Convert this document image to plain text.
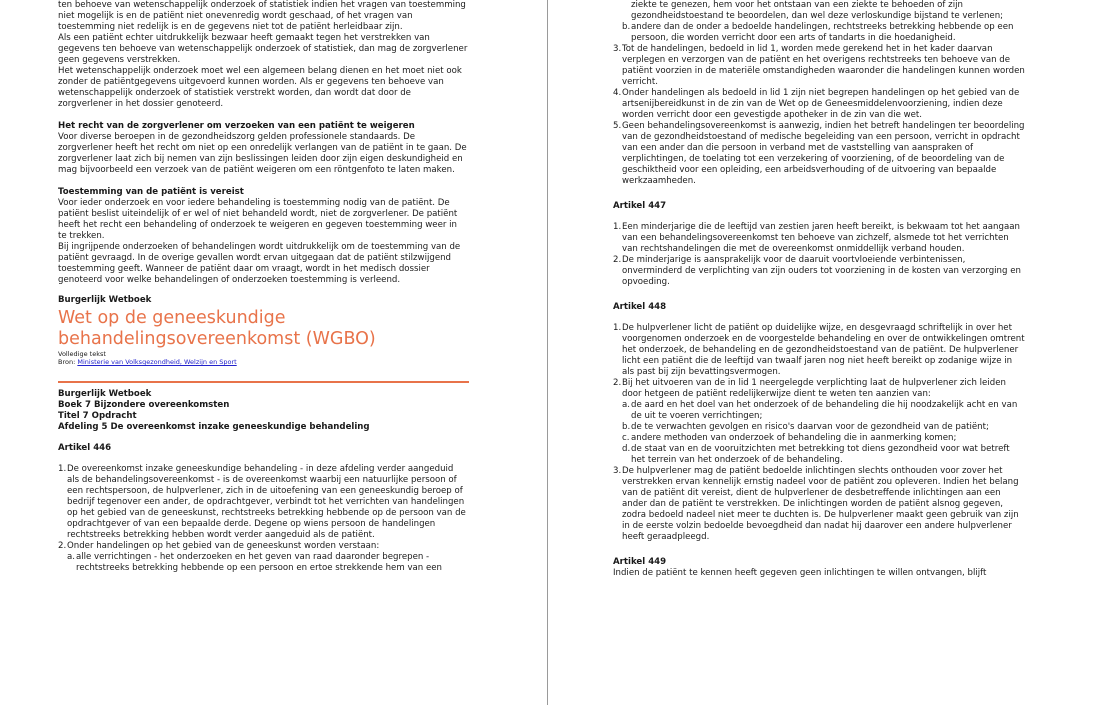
ten behoeve van wetenschappelijk onderzoek of statistiek indien het vragen van toestemming niet mogelijk is en de patiënt niet onevenredig wordt geschaad, of het vragen van toestemming niet redelijk is en de gegevens niet tot de patiënt herleidbaar zijn.

Als een patiënt echter uitdrukkelijk bezwaar heeft gemaakt tegen het verstrekken van gegevens ten behoeve van wetenschappelijk onderzoek of statistiek, dan mag de zorgverlener geen gegevens verstrekken.

Het wetenschappelijk onderzoek moet wel een algemeen belang dienen en het moet niet ook zonder de patiëntgegevens uitgevoerd kunnen worden. Als er gegevens ten behoeve van wetenschappelijk onderzoek of statistiek verstrekt worden, dan wordt dat door de zorgverlener in het dossier genoteerd.

Het recht van de zorgverlener om verzoeken van een patiënt te weigeren

Voor diverse beroepen in de gezondheidszorg gelden professionele standaards. De zorgverlener heeft het recht om niet op een onredelijk verlangen van de patiënt in te gaan. De zorgverlener laat zich bij nemen van zijn beslissingen leiden door zijn eigen deskundigheid en mag bijvoorbeeld een verzoek van de patiënt weigeren om een röntgenfoto te laten maken.

Toestemming van de patiënt is vereist

Voor ieder onderzoek en voor iedere behandeling is toestemming nodig van de patiënt. De patiënt beslist uiteindelijk of er wel of niet behandeld wordt, niet de zorgverlener. De patiënt heeft het recht een behandeling of onderzoek te weigeren en gegeven toestemming weer in te trekken.

Bij ingrijpende onderzoeken of behandelingen wordt uitdrukkelijk om de toestemming van de patiënt gevraagd. In de overige gevallen wordt ervan uitgegaan dat de patiënt stilzwijgend toestemming geeft. Wanneer de patiënt daar om vraagt, wordt in het medisch dossier genoteerd voor welke behandelingen of onderzoeken toestemming is verleend.

Burgerlijk Wetboek

Wet op de geneeskundige behandelingsovereenkomst (WGBO)
Volledige tekst
Bron: Ministerie van Volksgezondheid, Welzijn en Sport

Burgerlijk Wetboek

Boek 7 Bijzondere overeenkomsten

Titel 7 Opdracht

Afdeling 5 De overeenkomst inzake geneeskundige behandeling

Artikel 446

1. De overeenkomst inzake geneeskundige behandeling - in deze afdeling verder aangeduid als de behandelingsovereenkomst - is de overeenkomst waarbij een natuurlijke persoon of een rechtspersoon, de hulpverlener, zich in de uitoefening van een geneeskundig beroep of bedrijf tegenover een ander, de opdrachtgever, verbindt tot het verrichten van handelingen op het gebied van de geneeskunst, rechtstreeks betrekking hebbende op de persoon van de opdrachtgever of van een bepaalde derde. Degene op wiens persoon de handelingen rechtstreeks betrekking hebben wordt verder aangeduid als de patiënt.
2. Onder handelingen op het gebied van de geneeskunst worden verstaan:
a. alle verrichtingen - het onderzoeken en het geven van raad daaronder begrepen - rechtstreeks betrekking hebbende op een persoon en ertoe strekkende hem van een
ziekte te genezen, hem voor het ontstaan van een ziekte te behoeden of zijn gezondheidstoestand te beoordelen, dan wel deze verloskundige bijstand te verlenen;
b. andere dan de onder a bedoelde handelingen, rechtstreeks betrekking hebbende op een persoon, die worden verricht door een arts of tandarts in die hoedanigheid.
3. Tot de handelingen, bedoeld in lid 1, worden mede gerekend het in het kader daarvan verplegen en verzorgen van de patiënt en het overigens rechtstreeks ten behoeve van de patiënt voorzien in de materiële omstandigheden waaronder die handelingen kunnen worden verricht.
4. Onder handelingen als bedoeld in lid 1 zijn niet begrepen handelingen op het gebied van de artsenijbereidkunst in de zin van de Wet op de Geneesmiddelenvoorziening, indien deze worden verricht door een gevestigde apotheker in de zin van die wet.
5. Geen behandelingsovereenkomst is aanwezig, indien het betreft handelingen ter beoordeling van de gezondheidstoestand of medische begeleiding van een persoon, verricht in opdracht van een ander dan die persoon in verband met de vaststelling van aanspraken of verplichtingen, de toelating tot een verzekering of voorziening, of de beoordeling van de geschiktheid voor een opleiding, een arbeidsverhouding of de uitvoering van bepaalde werkzaamheden.

Artikel 447

1. Een minderjarige die de leeftijd van zestien jaren heeft bereikt, is bekwaam tot het aangaan van een behandelingsovereenkomst ten behoeve van zichzelf, alsmede tot het verrichten van rechtshandelingen die met de overeenkomst onmiddellijk verband houden.
2. De minderjarige is aansprakelijk voor de daaruit voortvloeiende verbintenissen, onverminderd de verplichting van zijn ouders tot voorziening in de kosten van verzorging en opvoeding.

Artikel 448

1. De hulpverlener licht de patiënt op duidelijke wijze, en desgevraagd schriftelijk in over het voorgenomen onderzoek en de voorgestelde behandeling en over de ontwikkelingen omtrent het onderzoek, de behandeling en de gezondheidstoestand van de patiënt. De hulpverlener licht een patiënt die de leeftijd van twaalf jaren nog niet heeft bereikt op zodanige wijze in als past bij zijn bevattingsvermogen.
2. Bij het uitvoeren van de in lid 1 neergelegde verplichting laat de hulpverlener zich leiden door hetgeen de patiënt redelijkerwijze dient te weten ten aanzien van:
a. de aard en het doel van het onderzoek of de behandeling die hij noodzakelijk acht en van de uit te voeren verrichtingen;
b. de te verwachten gevolgen en risico's daarvan voor de gezondheid van de patiënt;
c. andere methoden van onderzoek of behandeling die in aanmerking komen;
d. de staat van en de vooruitzichten met betrekking tot diens gezondheid voor wat betreft het terrein van het onderzoek of de behandeling.
3. De hulpverlener mag de patiënt bedoelde inlichtingen slechts onthouden voor zover het verstrekken ervan kennelijk ernstig nadeel voor de patiënt zou opleveren. Indien het belang van de patiënt dit vereist, dient de hulpverlener de desbetreffende inlichtingen aan een ander dan de patiënt te verstrekken. De inlichtingen worden de patiënt alsnog gegeven, zodra bedoeld nadeel niet meer te duchten is. De hulpverlener maakt geen gebruik van zijn in de eerste volzin bedoelde bevoegdheid dan nadat hij daarover een andere hulpverlener heeft geraadpleegd.

Artikel 449

Indien de patiënt te kennen heeft gegeven geen inlichtingen te willen ontvangen, blijft
